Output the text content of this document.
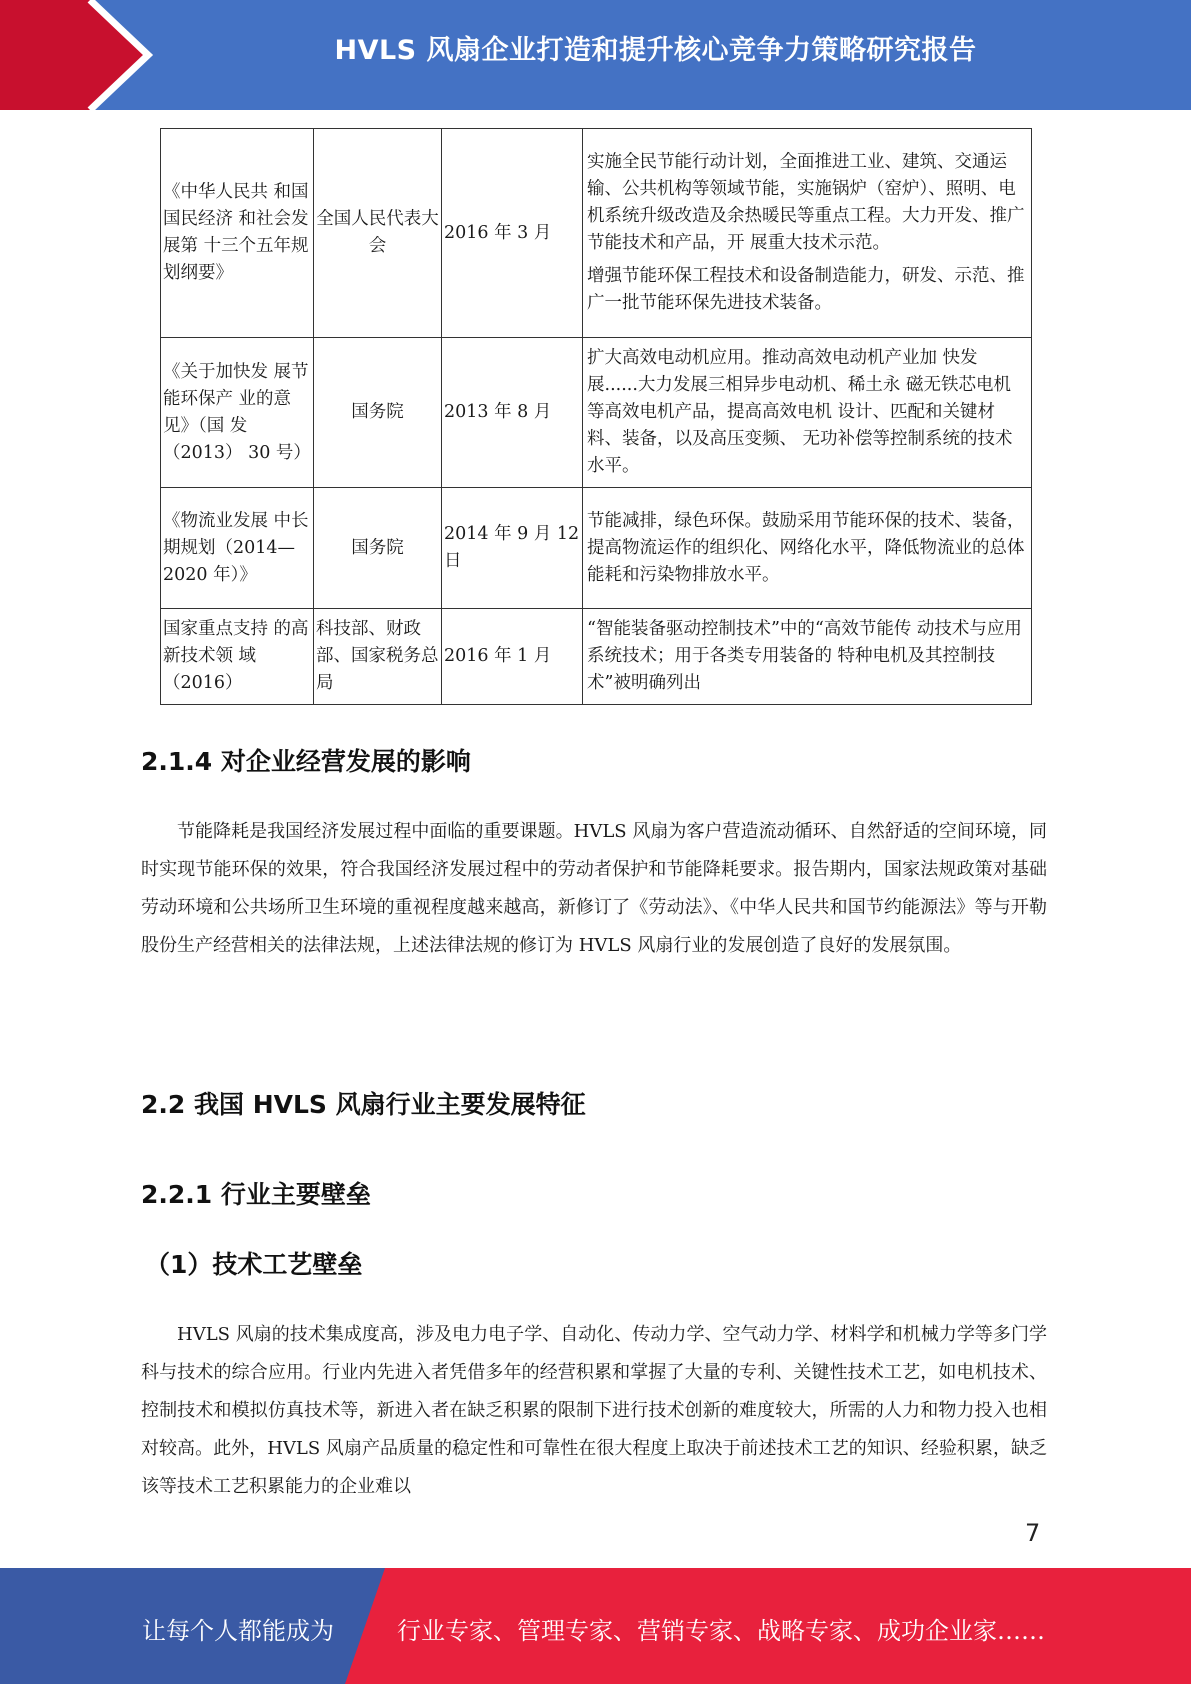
HVLS 风扇企业打造和提升核心竞争力策略研究报告
《中华人民共 和国国民经济 和社会发展第 十三个五年规 划纲要》	全国人民代表大会	2016 年 3 月	实施全民节能行动计划，全面推进工业、建筑、交通运输、公共机构等领域节能，实施锅炉（窑炉）、照明、电机系统升级改造及余热暖民等重点工程。大力开发、推广节能技术和产品，开 展重大技术示范。
增强节能环保工程技术和设备制造能力，研发、示范、推广一批节能环保先进技术装备。

《关于加快发 展节能环保产 业的意见》（国 发（2013） 30 号）	国务院	2013 年 8 月	扩大高效电动机应用。推动高效电动机产业加 快发展......大力发展三相异步电动机、稀土永 磁无铁芯电机等高效电机产品，提高高效电机 设计、匹配和关键材料、装备，以及高压变频、 无功补偿等控制系统的技术水平。

《物流业发展 中长期规划（2014—2020 年）》	国务院	2014 年 9 月 12 日	节能减排，绿色环保。鼓励采用节能环保的技术、装备，提高物流运作的组织化、网络化水平，降低物流业的总体能耗和污染物排放水平。

国家重点支持 的高新技术领 域（2016）	科技部、财政部、国家税务总局	2016 年 1 月	“智能装备驱动控制技术”中的“高效节能传 动技术与应用系统技术；用于各类专用装备的 特种电机及其控制技术”被明确列出
2.1.4 对企业经营发展的影响

节能降耗是我国经济发展过程中面临的重要课题。HVLS 风扇为客户营造流动循环、自然舒适的空间环境，同时实现节能环保的效果，符合我国经济发展过程中的劳动者保护和节能降耗要求。报告期内，国家法规政策对基础劳动环境和公共场所卫生环境的重视程度越来越高，新修订了《劳动法》、《中华人民共和国节约能源法》等与开勒股份生产经营相关的法律法规，上述法律法规的修订为 HVLS 风扇行业的发展创造了良好的发展氛围。

2.2 我国 HVLS 风扇行业主要发展特征
2.2.1 行业主要壁垒
（1）技术工艺壁垒

HVLS 风扇的技术集成度高，涉及电力电子学、自动化、传动力学、空气动力学、材料学和机械力学等多门学科与技术的综合应用。行业内先进入者凭借多年的经营积累和掌握了大量的专利、关键性技术工艺，如电机技术、控制技术和模拟仿真技术等，新进入者在缺乏积累的限制下进行技术创新的难度较大，所需的人力和物力投入也相对较高。此外，HVLS 风扇产品质量的稳定性和可靠性在很大程度上取决于前述技术工艺的知识、经验积累，缺乏该等技术工艺积累能力的企业难以

7
让每个人都能成为	行业专家、管理专家、营销专家、战略专家、成功企业家……
